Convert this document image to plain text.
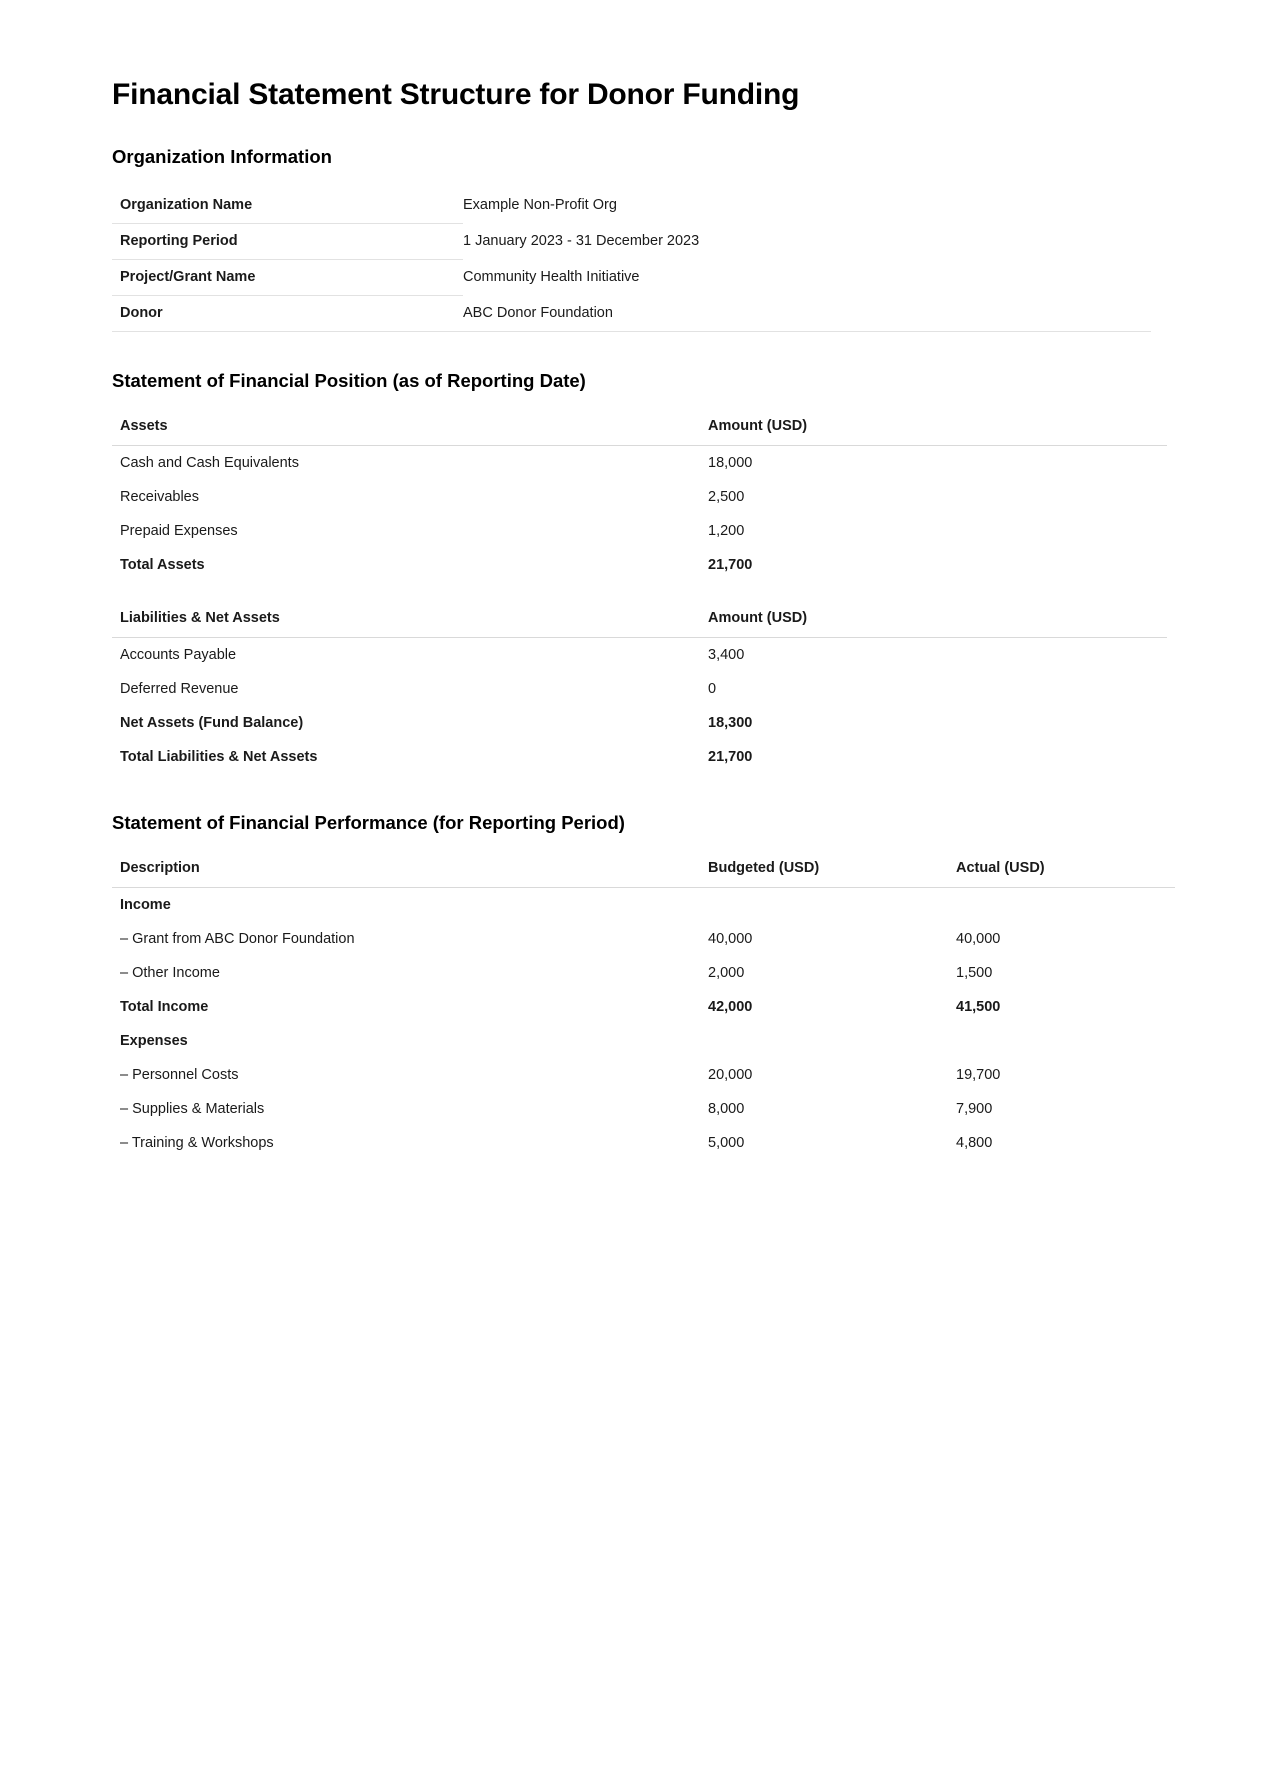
Financial Statement Structure for Donor Funding
Organization Information
Organization Name	Example Non-Profit Org
Reporting Period	1 January 2023 - 31 December 2023
Project/Grant Name	Community Health Initiative
Donor	ABC Donor Foundation
Statement of Financial Position (as of Reporting Date)
Assets	Amount (USD)
Cash and Cash Equivalents	18,000
Receivables	2,500
Prepaid Expenses	1,200
Total Assets	21,700
Liabilities & Net Assets	Amount (USD)
Accounts Payable	3,400
Deferred Revenue	0
Net Assets (Fund Balance)	18,300
Total Liabilities & Net Assets	21,700
Statement of Financial Performance (for Reporting Period)
Description	Budgeted (USD)	Actual (USD)
Income		
– Grant from ABC Donor Foundation	40,000	40,000
– Other Income	2,000	1,500
Total Income	42,000	41,500
Expenses		
– Personnel Costs	20,000	19,700
– Supplies & Materials	8,000	7,900
– Training & Workshops	5,000	4,800
